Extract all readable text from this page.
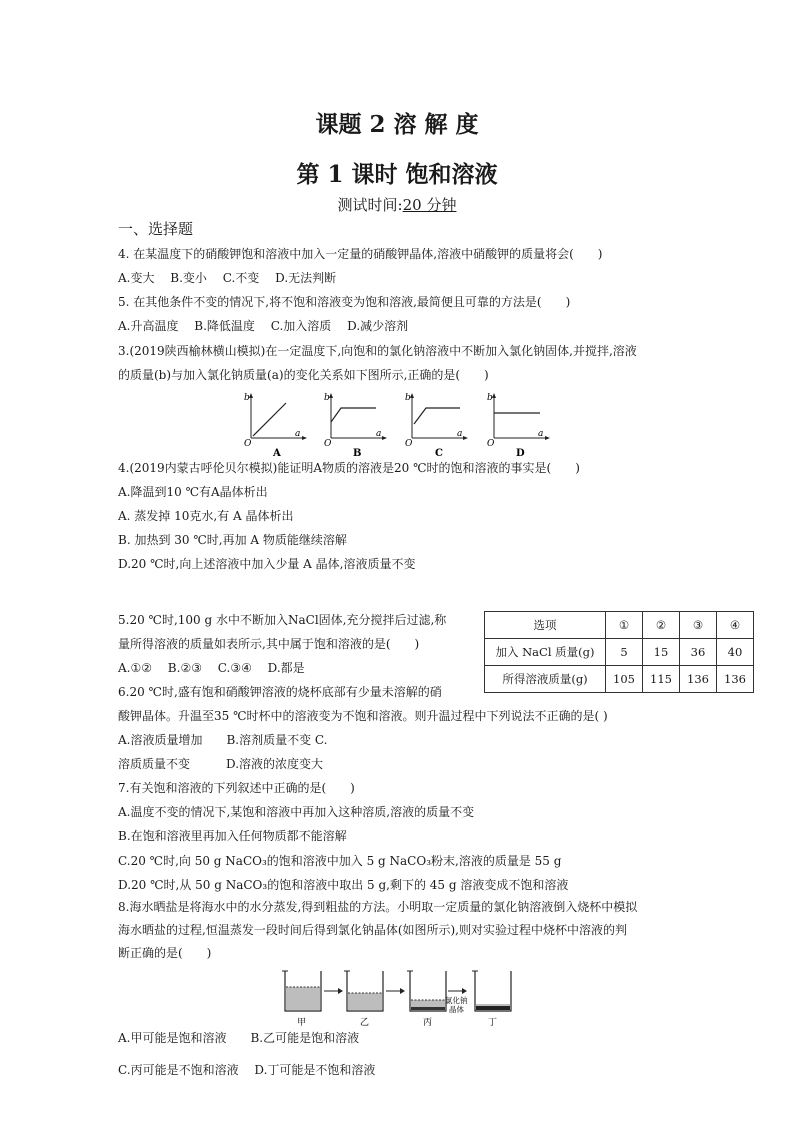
课题 2 溶 解 度
第 1 课时 饱和溶液
测试时间:20 分钟
一、选择题
4. 在某温度下的硝酸钾饱和溶液中加入一定量的硝酸钾晶体,溶液中硝酸钾的质量将会(　　)
A.变大　 B.变小　 C.不变　 D.无法判断
5. 在其他条件不变的情况下,将不饱和溶液变为饱和溶液,最简便且可靠的方法是(　　)
A.升高温度　 B.降低温度　 C.加入溶质　 D.减少溶剂
3.(2019陕西榆林横山模拟)在一定温度下,向饱和的氯化钠溶液中不断加入氯化钠固体,并搅拌,溶液
的质量(b)与加入氯化钠质量(a)的变化关系如下图所示,正确的是(　　)
b
a
O
A
b
a
O
B
b
a
O
C
b
a
O
D
4.(2019内蒙古呼伦贝尔模拟)能证明A物质的溶液是20 ℃时的饱和溶液的事实是(　　)
A.降温到10 ℃有A晶体析出
A. 蒸发掉 10克水,有 A 晶体析出
B. 加热到 30 ℃时,再加 A 物质能继续溶解
D.20 ℃时,向上述溶液中加入少量 A 晶体,溶液质量不变
5.20 ℃时,100 g 水中不断加入NaCl固体,充分搅拌后过滤,称
量所得溶液的质量如表所示,其中属于饱和溶液的是(　　)
A.①②　 B.②③　 C.③④　 D.都是
选项	①	②	③	④
加入 NaCl 质量(g)	5	15	36	40
所得溶液质量(g)	105	115	136	136
6.20 ℃时,盛有饱和硝酸钾溶液的烧杯底部有少量未溶解的硝
酸钾晶体。升温至35 ℃时杯中的溶液变为不饱和溶液。则升温过程中下列说法不正确的是( )
A.溶液质量增加　　B.溶剂质量不变 C.
溶质质量不变　　　D.溶液的浓度变大
7.有关饱和溶液的下列叙述中正确的是(　　)
A.温度不变的情况下,某饱和溶液中再加入这种溶质,溶液的质量不变
B.在饱和溶液里再加入任何物质都不能溶解
C.20 ℃时,向 50 g NaCO₃的饱和溶液中加入 5 g NaCO₃粉末,溶液的质量是 55 g
D.20 ℃时,从 50 g NaCO₃的饱和溶液中取出 5 g,剩下的 45 g 溶液变成不饱和溶液
8.海水晒盐是将海水中的水分蒸发,得到粗盐的方法。小明取一定质量的氯化钠溶液倒入烧杯中模拟
海水晒盐的过程,恒温蒸发一段时间后得到氯化钠晶体(如图所示),则对实验过程中烧杯中溶液的判
断正确的是(　　)
甲	乙	丙
氯化钠
晶体
丁
A.甲可能是饱和溶液　　B.乙可能是饱和溶液
C.丙可能是不饱和溶液　 D.丁可能是不饱和溶液
